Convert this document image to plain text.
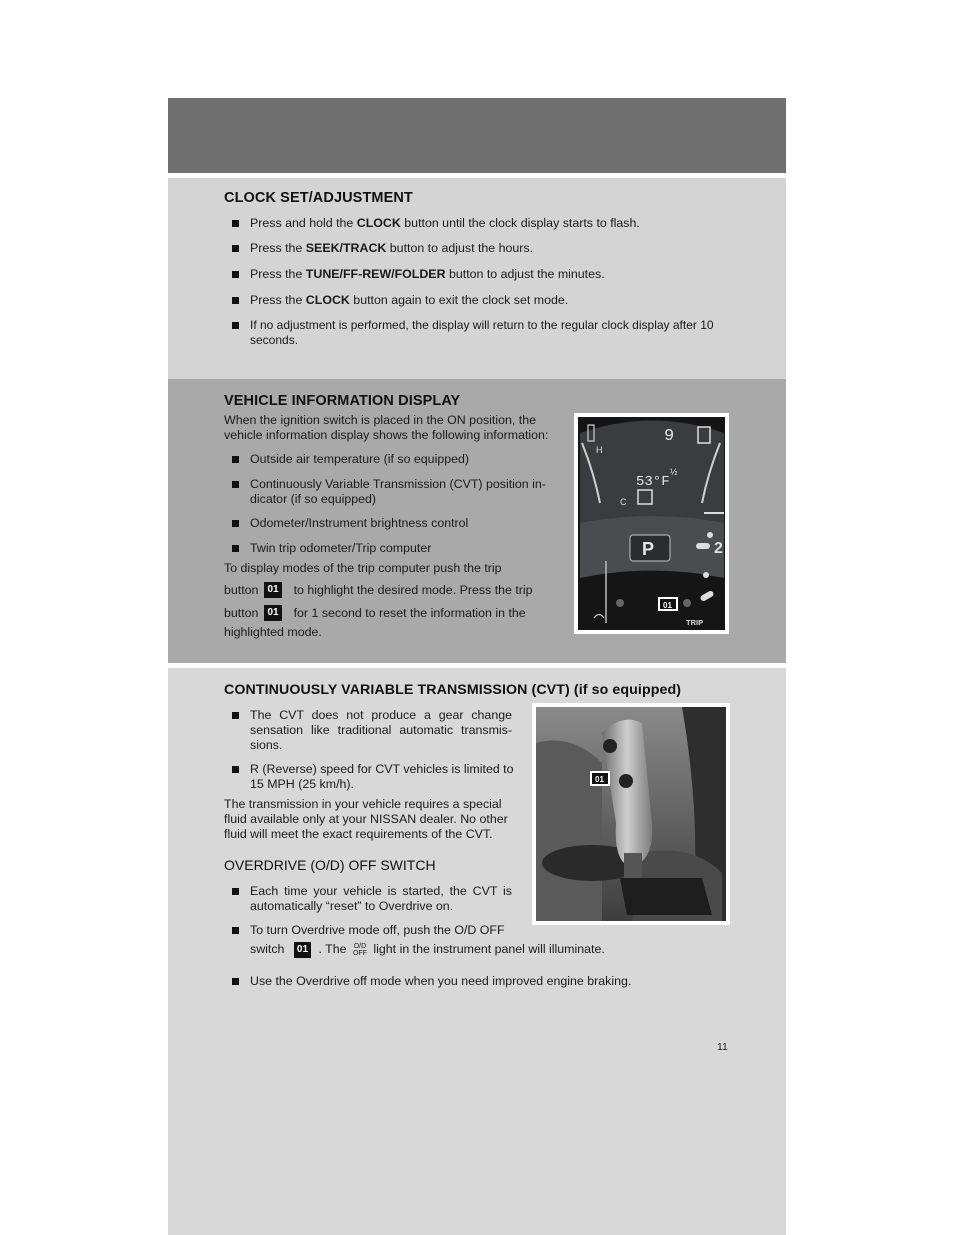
CLOCK SET/ADJUSTMENT
Press and hold the CLOCK button until the clock display starts to flash.
Press the SEEK/TRACK button to adjust the hours.
Press the TUNE/FF-REW/FOLDER button to adjust the minutes.
Press the CLOCK button again to exit the clock set mode.
If no adjustment is performed, the display will return to the regular clock display after 10
seconds.
VEHICLE INFORMATION DISPLAY
When the ignition switch is placed in the ON position, the
vehicle information display shows the following information:
Outside air temperature (if so equipped)
Continuously Variable Transmission (CVT) position in-
dicator (if so equipped)
Odometer/Instrument brightness control
Twin trip odometer/Trip computer
To display modes of the trip computer push the trip
button 01 to highlight the desired mode. Press the trip
button 01 for 1 second to reset the information in the
highlighted mode.
H
C
½
9
53°F
P	2
01
TRIP
CONTINUOUSLY VARIABLE TRANSMISSION (CVT) (if so equipped)
The CVT does not produce a gear change sensation like traditional automatic transmis- sions.
R (Reverse) speed for CVT vehicles is limited to
15 MPH (25 km/h).
The transmission in your vehicle requires a special
fluid available only at your NISSAN dealer. No other
fluid will meet the exact requirements of the CVT.
OVERDRIVE (O/D) OFF SWITCH
Each time your vehicle is started, the CVT is automatically “reset” to Overdrive on.
To turn Overdrive mode off, push the O/D OFF
switch 01 . The O/D
OFF light in the instrument panel will illuminate.
Use the Overdrive off mode when you need improved engine braking.
01
11
